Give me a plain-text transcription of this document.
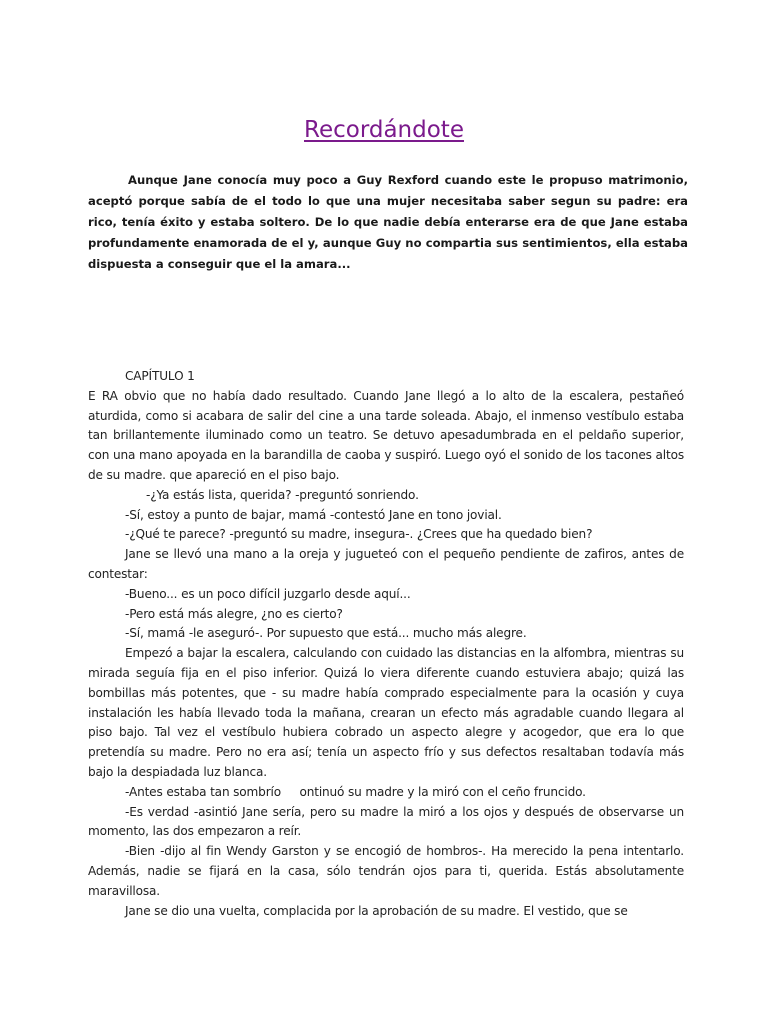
Recordándote

Aunque Jane conocía muy poco a Guy Rexford cuando este le propuso matrimonio, aceptó porque sabía de el todo lo que una mujer necesitaba saber segun su padre: era rico, tenía éxito y estaba soltero. De lo que nadie debía enterarse era de que Jane estaba profundamente enamorada de el y, aunque Guy no compartia sus sentimientos, ella estaba dispuesta a conseguir que el la amara...

CAPÍTULO 1

E RA obvio que no había dado resultado. Cuando Jane llegó a lo alto de la escalera, pestañeó aturdida, como si acabara de salir del cine a una tarde soleada. Abajo, el inmenso vestíbulo estaba tan brillantemente iluminado como un teatro. Se detuvo apesadumbrada en el peldaño superior, con una mano apoyada en la barandilla de caoba y suspiró. Luego oyó el sonido de los tacones altos de su madre. que apareció en el piso bajo.

-¿Ya estás lista, querida? -preguntó sonriendo.

-Sí, estoy a punto de bajar, mamá -contestó Jane en tono jovial.

-¿Qué te parece? -preguntó su madre, insegura-. ¿Crees que ha quedado bien?

Jane se llevó una mano a la oreja y jugueteó con el pequeño pendiente de zafiros, antes de contestar:

-Bueno... es un poco difícil juzgarlo desde aquí...

-Pero está más alegre, ¿no es cierto?

-Sí, mamá -le aseguró-. Por supuesto que está... mucho más alegre.

Empezó a bajar la escalera, calculando con cuidado las distancias en la alfombra, mientras su mirada seguía fija en el piso inferior. Quizá lo viera diferente cuando estuviera abajo; quizá las bombillas más potentes, que - su madre había comprado especialmente para la ocasión y cuya instalación les había llevado toda la mañana, crearan un efecto más agradable cuando llegara al piso bajo. Tal vez el vestíbulo hubiera cobrado un aspecto alegre y acogedor, que era lo que pretendía su madre. Pero no era así; tenía un aspecto frío y sus defectos resaltaban todavía más bajo la despiadada luz blanca.

-Antes estaba tan sombrío     ontinuó su madre y la miró con el ceño fruncido.

-Es verdad -asintió Jane sería, pero su madre la miró a los ojos y después de observarse un momento, las dos empezaron a reír.

-Bien -dijo al fin Wendy Garston y se encogió de hombros-. Ha merecido la pena intentarlo. Además, nadie se fijará en la casa, sólo tendrán ojos para ti, querida. Estás absolutamente maravillosa.

Jane se dio una vuelta, complacida por la aprobación de su madre. El vestido, que se
